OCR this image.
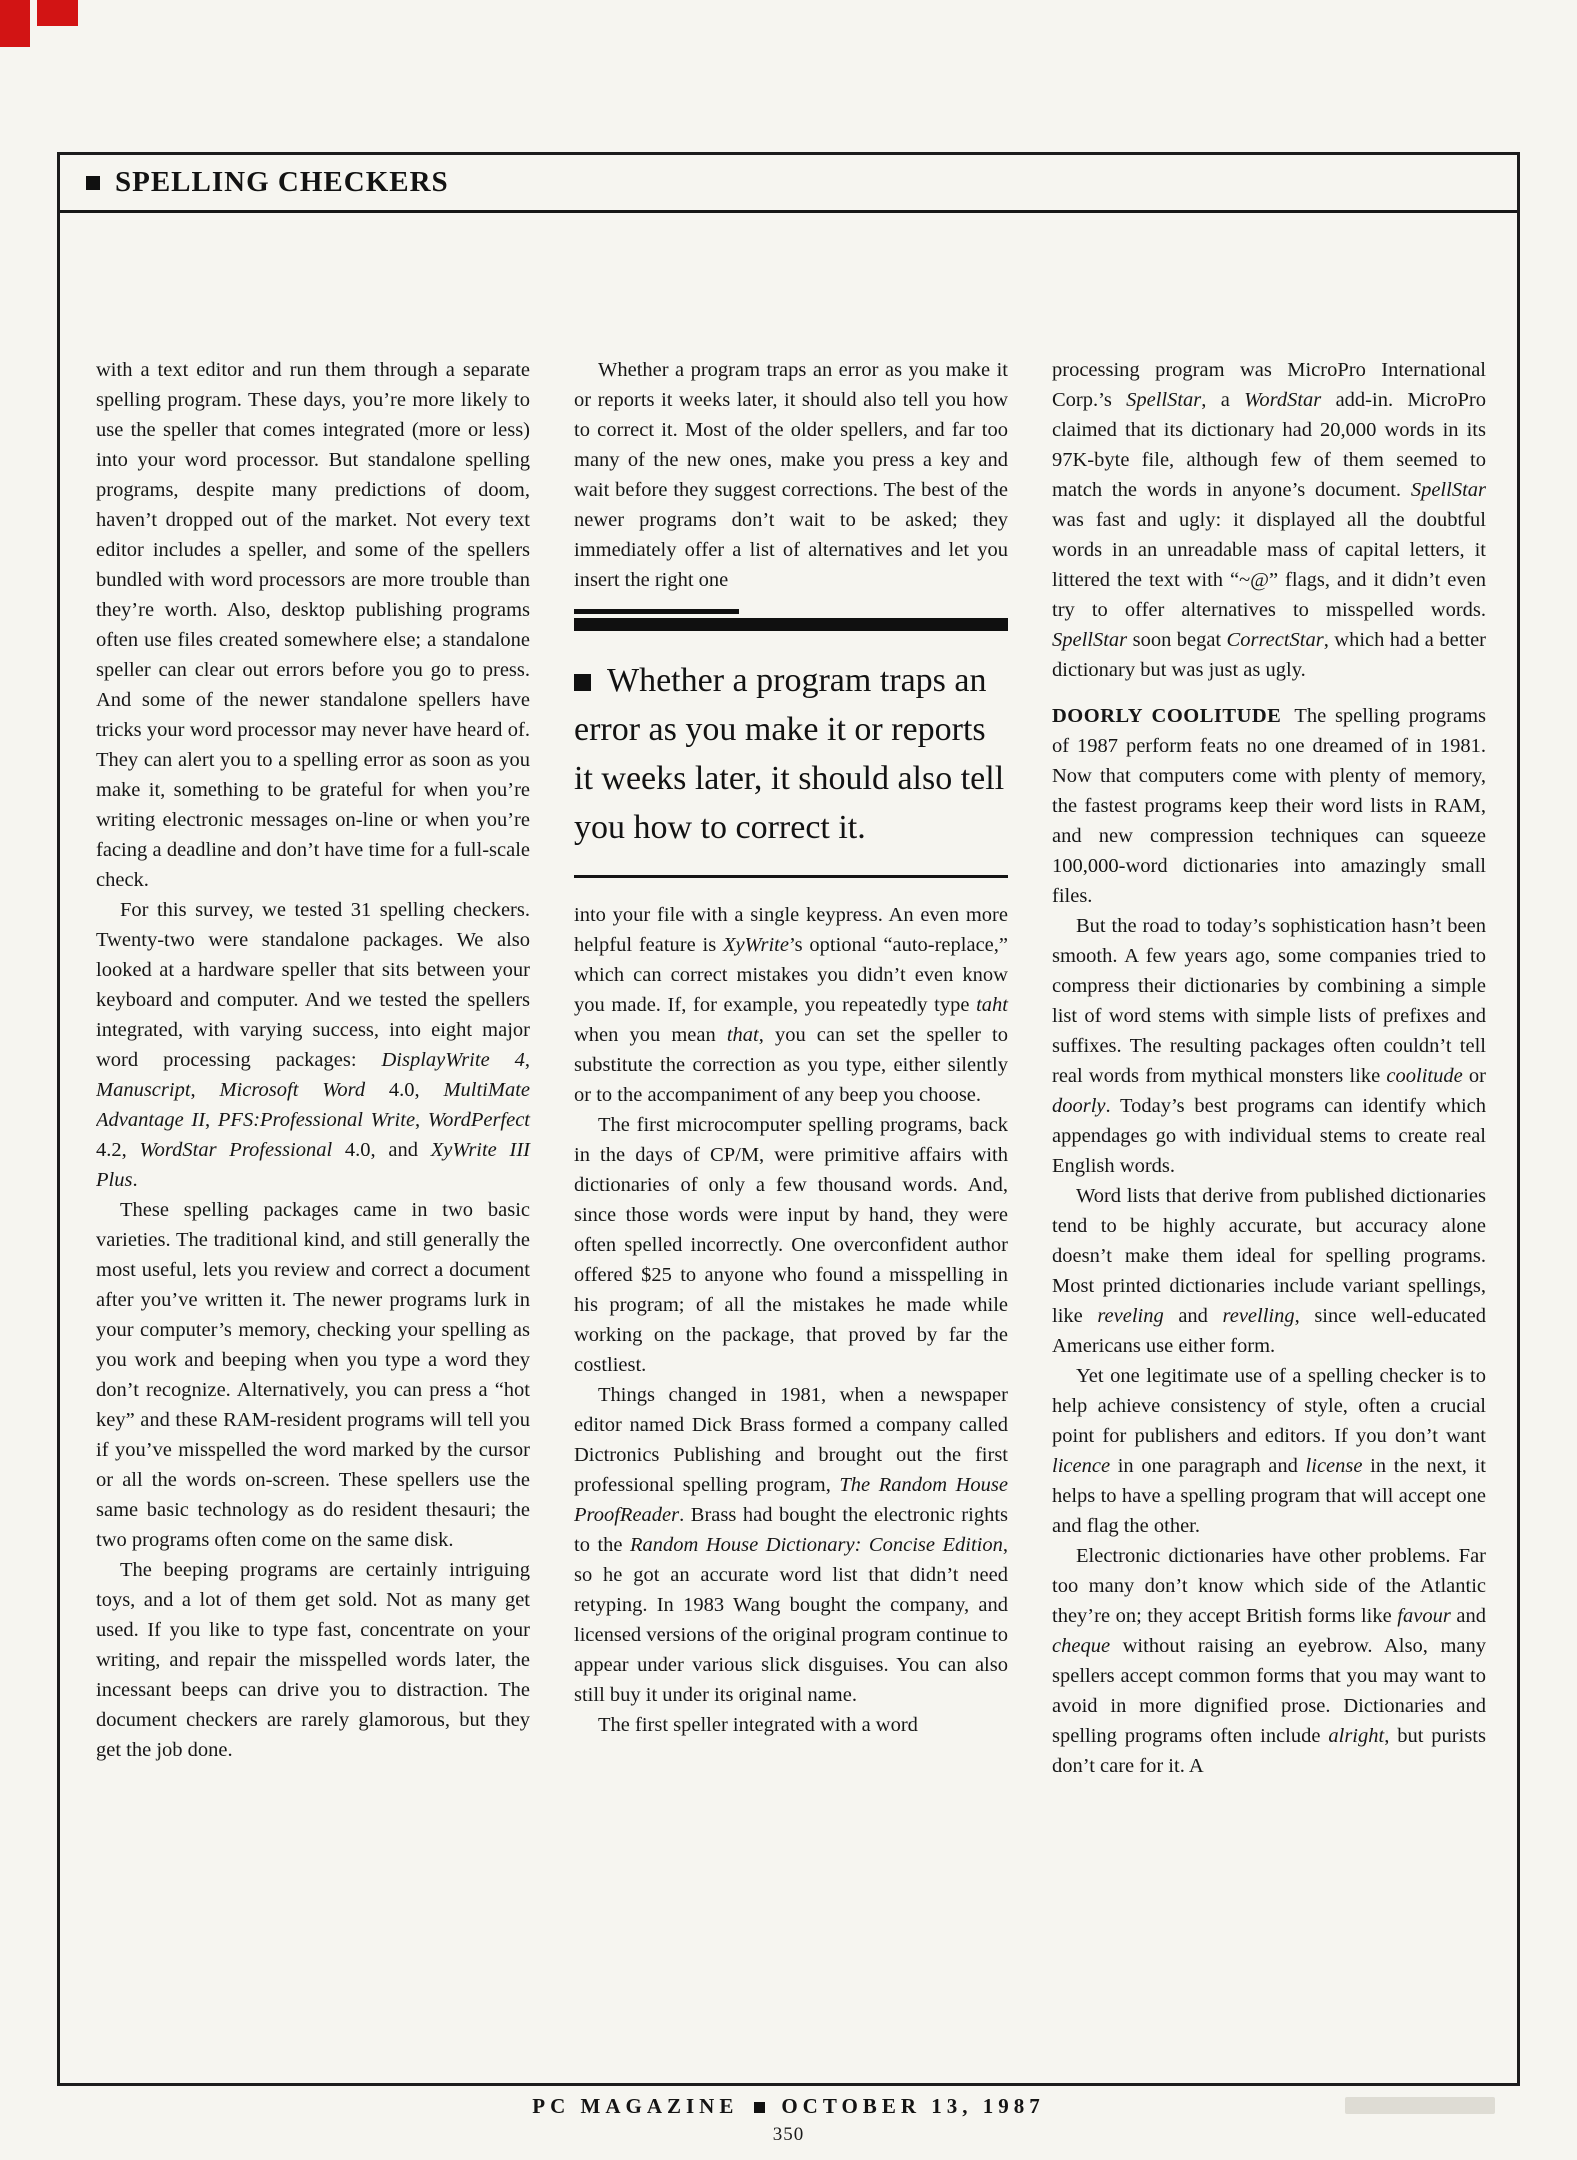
SPELLING CHECKERS

with a text editor and run them through a separate spelling program. These days, you’re more likely to use the speller that comes integrated (more or less) into your word processor. But standalone spelling programs, despite many predictions of doom, haven’t dropped out of the market. Not every text editor includes a speller, and some of the spellers bundled with word processors are more trouble than they’re worth. Also, desktop publishing programs often use files created somewhere else; a standalone speller can clear out errors before you go to press. And some of the newer standalone spellers have tricks your word processor may never have heard of. They can alert you to a spelling error as soon as you make it, something to be grateful for when you’re writing electronic messages on-line or when you’re facing a deadline and don’t have time for a full-scale check.

For this survey, we tested 31 spelling checkers. Twenty-two were standalone packages. We also looked at a hardware speller that sits between your keyboard and computer. And we tested the spellers integrated, with varying success, into eight major word processing packages: DisplayWrite 4, Manuscript, Microsoft Word 4.0, MultiMate Advantage II, PFS:Professional Write, WordPerfect 4.2, WordStar Professional 4.0, and XyWrite III Plus.

These spelling packages came in two basic varieties. The traditional kind, and still generally the most useful, lets you review and correct a document after you’ve written it. The newer programs lurk in your computer’s memory, checking your spelling as you work and beeping when you type a word they don’t recognize. Alternatively, you can press a “hot key” and these RAM-resident programs will tell you if you’ve misspelled the word marked by the cursor or all the words on-screen. These spellers use the same basic technology as do resident thesauri; the two programs often come on the same disk.

The beeping programs are certainly intriguing toys, and a lot of them get sold. Not as many get used. If you like to type fast, concentrate on your writing, and repair the misspelled words later, the incessant beeps can drive you to distraction. The document checkers are rarely glamorous, but they get the job done.

Whether a program traps an error as you make it or reports it weeks later, it should also tell you how to correct it. Most of the older spellers, and far too many of the new ones, make you press a key and wait before they suggest corrections. The best of the newer programs don’t wait to be asked; they immediately offer a list of alternatives and let you insert the right one

Whether a program traps an error as you make it or reports it weeks later, it should also tell you how to correct it.

into your file with a single keypress. An even more helpful feature is XyWrite’s optional “auto-replace,” which can correct mistakes you didn’t even know you made. If, for example, you repeatedly type taht when you mean that, you can set the speller to substitute the correction as you type, either silently or to the accompaniment of any beep you choose.

The first microcomputer spelling programs, back in the days of CP/M, were primitive affairs with dictionaries of only a few thousand words. And, since those words were input by hand, they were often spelled incorrectly. One overconfident author offered $25 to anyone who found a misspelling in his program; of all the mistakes he made while working on the package, that proved by far the costliest.

Things changed in 1981, when a newspaper editor named Dick Brass formed a company called Dictronics Publishing and brought out the first professional spelling program, The Random House ProofReader. Brass had bought the electronic rights to the Random House Dictionary: Concise Edition, so he got an accurate word list that didn’t need retyping. In 1983 Wang bought the company, and licensed versions of the original program continue to appear under various slick disguises. You can also still buy it under its original name.

The first speller integrated with a word

processing program was MicroPro International Corp.’s SpellStar, a WordStar add-in. MicroPro claimed that its dictionary had 20,000 words in its 97K-byte file, although few of them seemed to match the words in anyone’s document. SpellStar was fast and ugly: it displayed all the doubtful words in an unreadable mass of capital letters, it littered the text with “~@” flags, and it didn’t even try to offer alternatives to misspelled words. SpellStar soon begat CorrectStar, which had a better dictionary but was just as ugly.

DOORLY COOLITUDE The spelling programs of 1987 perform feats no one dreamed of in 1981. Now that computers come with plenty of memory, the fastest programs keep their word lists in RAM, and new compression techniques can squeeze 100,000-word dictionaries into amazingly small files.

But the road to today’s sophistication hasn’t been smooth. A few years ago, some companies tried to compress their dictionaries by combining a simple list of word stems with simple lists of prefixes and suffixes. The resulting packages often couldn’t tell real words from mythical monsters like coolitude or doorly. Today’s best programs can identify which appendages go with individual stems to create real English words.

Word lists that derive from published dictionaries tend to be highly accurate, but accuracy alone doesn’t make them ideal for spelling programs. Most printed dictionaries include variant spellings, like reveling and revelling, since well-educated Americans use either form.

Yet one legitimate use of a spelling checker is to help achieve consistency of style, often a crucial point for publishers and editors. If you don’t want licence in one paragraph and license in the next, it helps to have a spelling program that will accept one and flag the other.

Electronic dictionaries have other problems. Far too many don’t know which side of the Atlantic they’re on; they accept British forms like favour and cheque without raising an eyebrow. Also, many spellers accept common forms that you may want to avoid in more dignified prose. Dictionaries and spelling programs often include alright, but purists don’t care for it. A

PC MAGAZINE OCTOBER 13, 1987
350
